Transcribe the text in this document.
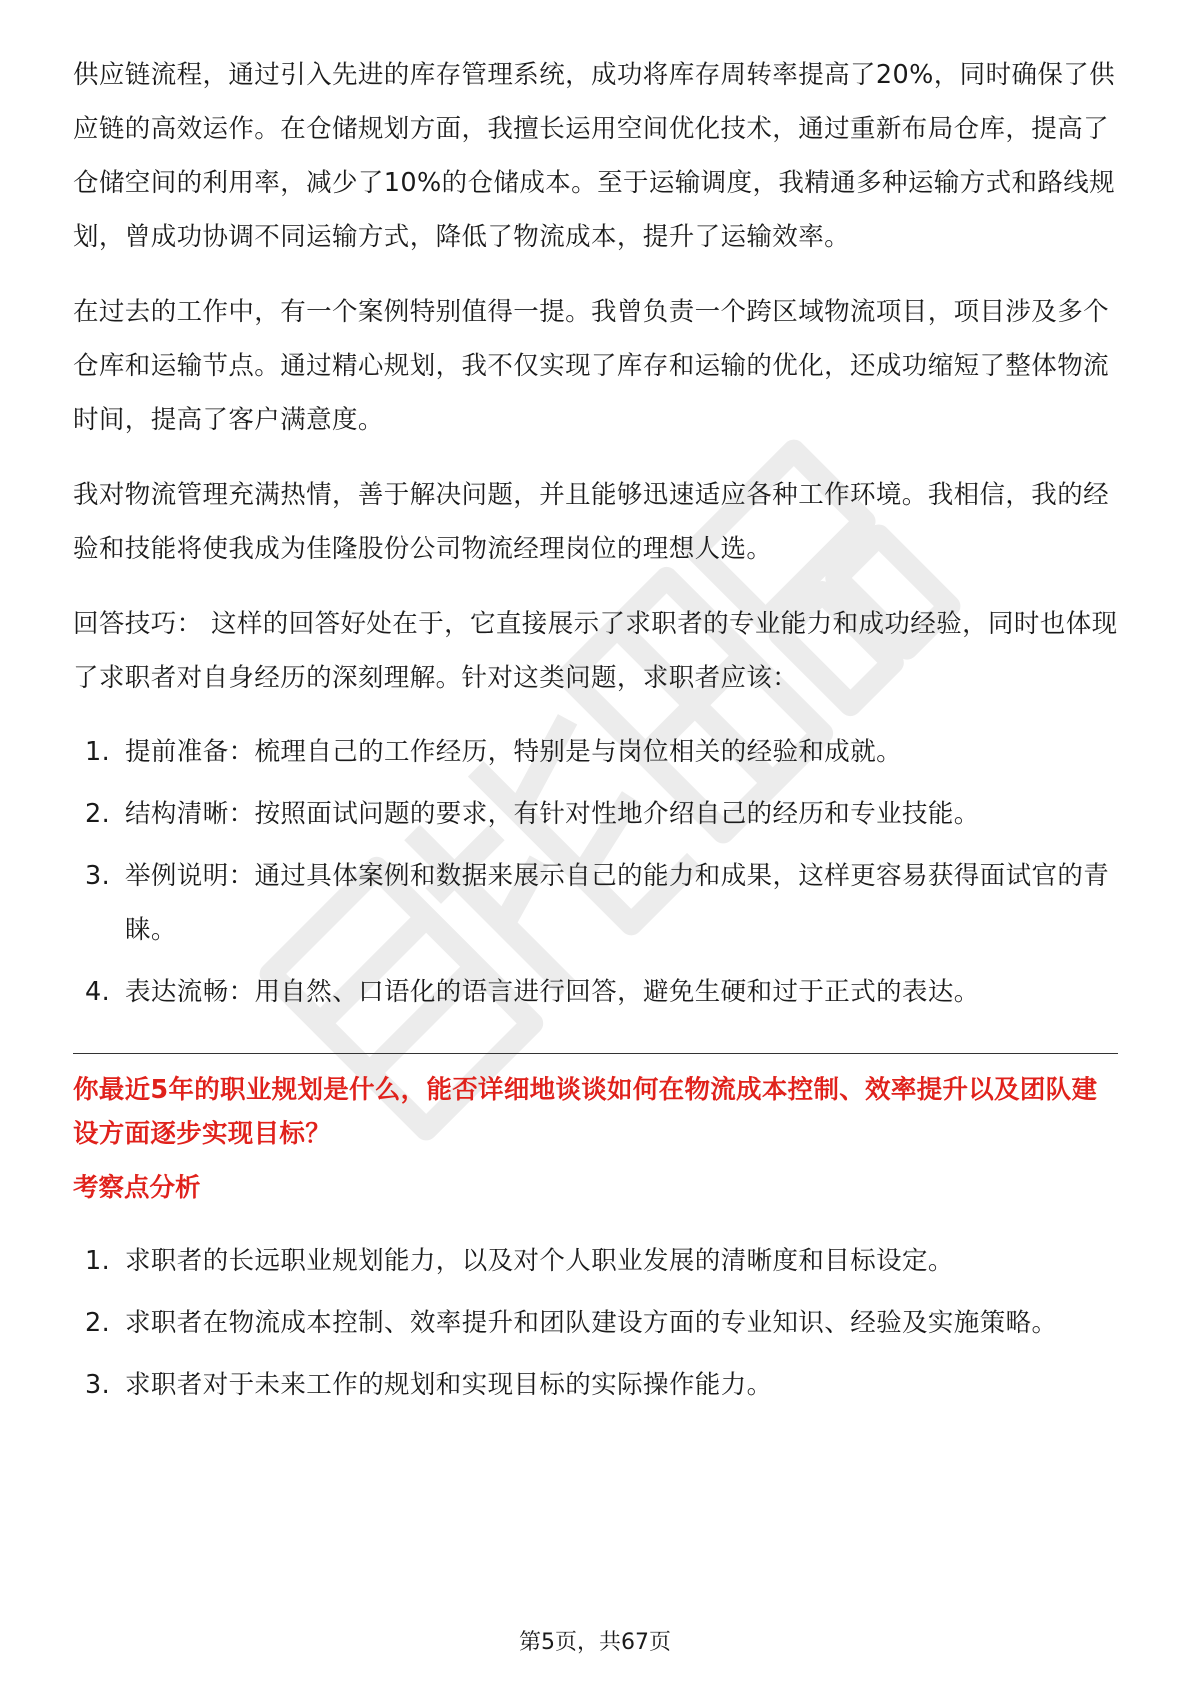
供应链流程，通过引入先进的库存管理系统，成功将库存周转率提高了20%，同时确保了供应链的高效运作。在仓储规划方面，我擅长运用空间优化技术，通过重新布局仓库，提高了仓储空间的利用率，减少了10%的仓储成本。至于运输调度，我精通多种运输方式和路线规划，曾成功协调不同运输方式，降低了物流成本，提升了运输效率。

在过去的工作中，有一个案例特别值得一提。我曾负责一个跨区域物流项目，项目涉及多个仓库和运输节点。通过精心规划，我不仅实现了库存和运输的优化，还成功缩短了整体物流时间，提高了客户满意度。

我对物流管理充满热情，善于解决问题，并且能够迅速适应各种工作环境。我相信，我的经验和技能将使我成为佳隆股份公司物流经理岗位的理想人选。

回答技巧： 这样的回答好处在于，它直接展示了求职者的专业能力和成功经验，同时也体现了求职者对自身经历的深刻理解。针对这类问题，求职者应该：

1. 提前准备：梳理自己的工作经历，特别是与岗位相关的经验和成就。
2. 结构清晰：按照面试问题的要求，有针对性地介绍自己的经历和专业技能。
3. 举例说明：通过具体案例和数据来展示自己的能力和成果，这样更容易获得面试官的青睐。
4. 表达流畅：用自然、口语化的语言进行回答，避免生硬和过于正式的表达。

你最近5年的职业规划是什么，能否详细地谈谈如何在物流成本控制、效率提升以及团队建设方面逐步实现目标？

考察点分析

1. 求职者的长远职业规划能力，以及对个人职业发展的清晰度和目标设定。
2. 求职者在物流成本控制、效率提升和团队建设方面的专业知识、经验及实施策略。
3. 求职者对于未来工作的规划和实现目标的实际操作能力。
第5页，共67页
